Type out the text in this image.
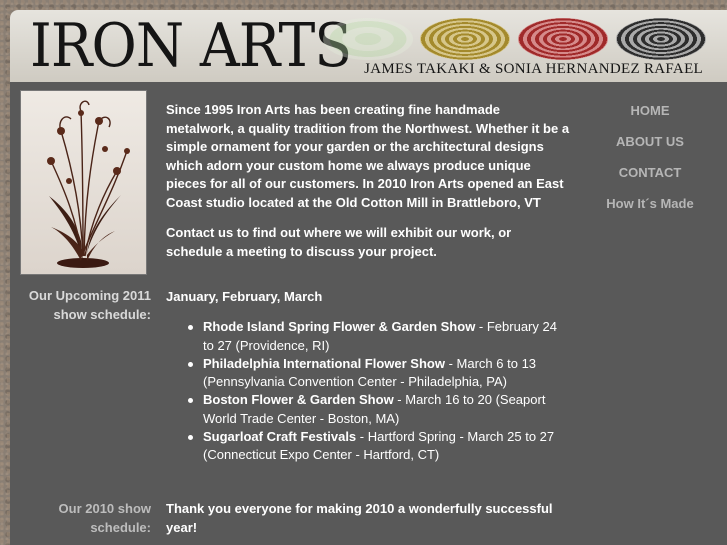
IRON ARTS JAMES TAKAKI & SONIA HERNANDEZ RAFAEL

Since 1995 Iron Arts has been creating fine handmade metalwork, a quality tradition from the Northwest. Whether it be a simple ornament for your garden or the architectural designs which adorn your custom home we always produce unique pieces for all of our customers. In 2010 Iron Arts opened an East Coast studio located at the Old Cotton Mill in Brattleboro, VT

Contact us to find out where we will exhibit our work, or schedule a meeting to discuss your project.

HOME
ABOUT US
CONTACT
How It´s Made
Our Upcoming 2011 show schedule:
January, February, March
Rhode Island Spring Flower & Garden Show - February 24 to 27 (Providence, RI)
Philadelphia International Flower Show - March 6 to 13 (Pennsylvania Convention Center - Philadelphia, PA)
Boston Flower & Garden Show - March 16 to 20 (Seaport World Trade Center - Boston, MA)
Sugarloaf Craft Festivals - Hartford Spring - March 25 to 27 (Connecticut Expo Center - Hartford, CT)
Our 2010 show schedule:
Thank you everyone for making 2010 a wonderfully successful year!
